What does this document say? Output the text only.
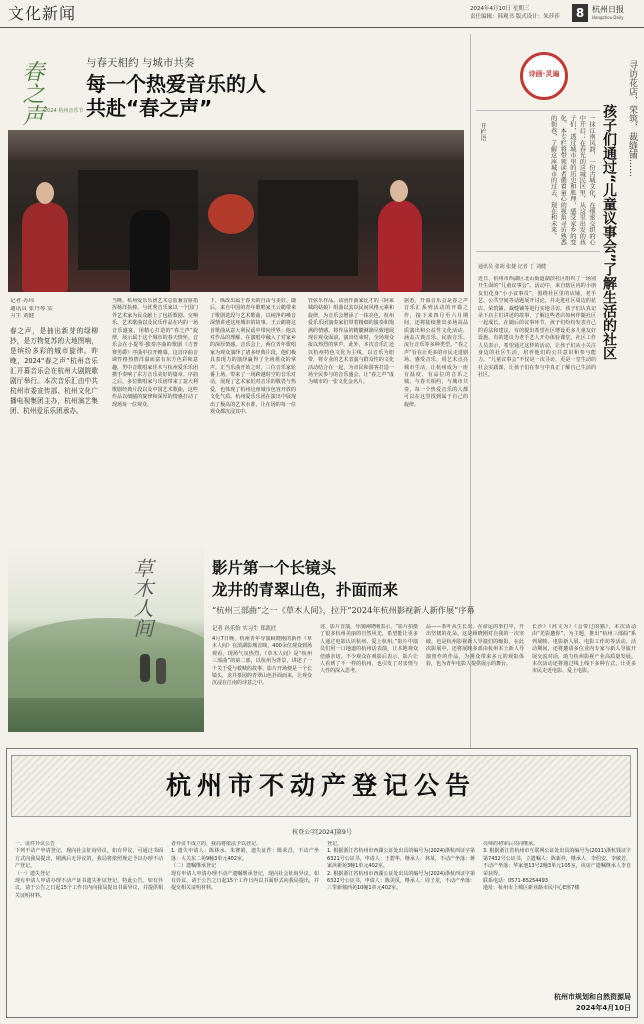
文化新闻	2024年4月10日 星期三
责任编辑：韩观书 版式设计：朱莎莎	8 杭州日报
Hangzhou Daily
春之声 2024 杭州音乐节
与春天相约 与城市共奏
每一个热爱音乐的人
共赴“春之声”
记者 苏玮
通讯员 张丹琴 实
习生 刘健
春之声，是抽出新芽的绿柳抄，是万物复苏的大地图响，是缤纷多彩的城市旋律。昨晚，2024“春之声”杭州音乐汇开幕音乐会在杭州大剧院歌剧厅举行。本次音乐汇由中共杭州市委宣传部、杭州文化广播电视集团主办，杭州演艺集团、杭州爱乐乐团承办。
当晚，杭州爱乐乐团艺术总监兼首席指挥杨洋执棒，与优秀音乐家以一个国门外艺术家为民众献上了包括歌剧、交响乐、艺术歌曲以及民乐作品在内的一场音乐盛宴，用精心打造的“春之声”旋律，展示属于这个城市的春天情怀。音乐会在小提琴·独奏序曲的歌剧《吉普赛男爵》序曲中拉开帷幕。这首序曲音调性格热情洋溢而富有东方色彩和意趣，男中音歌唱家佳木与杭州爱乐乐团携手奏响了东方音乐美好的篇章。序曲之后，多位歌唱家与乐团带来了意大利歌剧经典片段以及中国艺术歌曲，这些作品以细腻的旋律和深厚的情感打动了现场每一位观众。
下，纵改出属于春天的自由与美好。随后，来自中国的青年歌唱家王云鹤带来了歌剧选段与艺术歌曲，以纯净的嗓音深情讲述这座城市的故事。王云鹤将这首歌曲从意大利民谣中带向世界；他以对作品的理解，在演唱中融入了对家乡的深厚情感。音乐会上，两位青年歌唱家为观众演绎了诸多经典片段，他们极具表现力的演绎赢得了全场观众的掌声。正当乐曲开始之时，三位音乐家轮番上场，带来了一场跨越时空的音乐对话，展现了艺术家们对音乐的敬畏与热爱，也体现了杭州这座城市包容开放的文化气质。杭州爱乐乐团在演出中展现出了极高的艺术水准，让在场的每一位观众都沉浸其中。
管弦乐作品。该团作曲家比才的《阿莱城的姑娘》组曲以其以民间风格元素和旋律，为音乐会增添了一抹亮色，杭州爱乐乐团演奏家们带着精细的演奏和饱满的情感，将作品的精髓淋漓尽致地展现在观众面前。演出结束时，全场观众报以热烈的掌声。此外，本次音乐汇还以杭州特色文化为主线，以音乐为纽带，将专业的艺术表演与群众性的文化活动结合在一起，为市民和游客打造一场全民参与的音乐盛会，让“春之声”成为城市的一张文化金名片。
据悉，开幕音乐会是春之声音乐汇系列活动的开篇之作，接下来四月至六月期间，还将陆续推出多场高品质演出和公益性文化活动，涵盖古典音乐、民族音乐、流行音乐等多种类型。“春之声”旨在让更多的市民走进剧场、感受音乐，用艺术点亮城市生活，让杭州成为一座有温度、有品位的音乐之城。与春天相约，与城市共奏，每一个热爱音乐的人都可以在这里找到属于自己的旋律。
诗画·灵遍
开栏语	一抹江南风韵，一份古城文化，在细密交织的心中开启；在春光的这城民区里，从这里出发的孩子们，透过城市里的历史和肌理，感受家乡的变化。本专栏将带领读者循着童心的视角寻访熟悉的街巷，了解这座城市的过去、现在和未来。	寻访花店、荣筑、裁缝铺……
孩子们通过“儿童议事会”了解生活的社区
通讯员 张胡 张捷 记者 丁 刘健
近日，杭州市西湖区北山街道湖滨社区组织了一场别开生面的“儿童议事会”。活动中，来自辖区内的小朋友们化身“小小议事员”，围绕社区里的店铺、老手艺、公共空间等话题展开讨论，并走进社区周边的花店、荣筑铺、裁缝铺等进行实地寻访。孩子们认真记录下店主们讲述的故事，了解这些老店如何伴随社区一起成长。在随后的议事环节，孩子们纷纷发表自己的看法和建议，有的提出希望社区增设更多儿童友好设施，有的建议为老手艺人开办体验课堂。社区工作人员表示，希望通过这样的活动，让孩子们从小关注身边的社区生活，培养他们的公共意识和参与能力。“儿童议事会”不仅是一次寻访，更是一堂生动的社会实践课，让孩子们在参与中真正了解自己生活的社区。
草木人间	影片第一个长镜头
龙井的青翠山色，扑面而来
“杭州三部曲”之一《草木人间》，拉开“2024年杭州影视新人新作展”序幕
记者 孙乐怡 实习生 郑凯匠
4月7日晚，杭州青年导演顾晓刚的新作《草木人间》在滨湖影城首映，400余位观众到场观看，现场气氛热烈。《草木人间》是“杭州三部曲”的第二部，以杭州为背景，讲述了一个关于爱与救赎的故事。影片开场便是一个长镜头，龙井茶园的青翠山色扑面而来，让观众沉浸在江南的诗意之中。
述、影片首演，导演顾晓刚表示，“影片拍摄了很多杭州美丽的自然风光，希望能让更多人通过电影认识杭州、爱上杭州。”影片中演员们用一口地道的杭州话表演，让本地观众倍感亲切。不少观众在观影后表示，影片让人看到了不一样的杭州，也引发了对亲情与人性的深入思考。
品——茶叶从生长出，在命运的拳打中，开出坚韧的花朵。这是顾晓刚对自我的一次突破，也是杭州影视新人导演们的缩影。在此次影展中，还将展映多部由杭州本土新人导演创作的作品，为观众带来多元的观影体验，也为青年电影人提供展示的舞台。
长沙》《河文为》《会带过的猫》，本次活动由“光影邀你”，为主题，推出“杭州三部曲”系列展映、电影新人展、电影工作坊等活动。活动期间，还将邀请多位业内专家与新人导演开展交流对话，助力杭州影视产业高质量发展。本次活动还将通过线上线下多种方式，让更多市民走近电影、爱上电影。
杭州市不动产登记公告
杭登公字[2024]第9号
一、证件异议公告
下列不动产申请登记，现向社会征询异议。如有异议，可通过书面方式向我局提出，期满后无异议的，我局将依照规定予以办理不动产登记。
（一）遗失登记
现有申请人申请办理不动产证书遗失补证登记，特此公告。如有异议，请于公告之日起15个工作日内向我局提出书面异议，并提供相关证明材料。
者异议不成立的，我局将依法予以登记。
1. 遗失申请人：陈林水、朱赛娟，遗失证件：陈荣昌，不动产坐落：大关东二苑9幢3单元402室。
（二）遗嘱继承登记
现有申请人申请办理不动产遗嘱继承登记，现向社会征询异议。如有异议，请于公告之日起15个工作日内以书面形式向我局提出，并提交相关证明材料。
登记。
1. 根据浙江省杭州市西湖公证处出具的编号为(2024)浙杭西证字第6321号公证书，申请人：王碧华，继承人：林某，不动产坐落：蒋家浜新苑3幢1单元402室。
2. 根据浙江省杭州市西湖公证处出具的编号为(2024)浙杭西证字第6322号公证书，申请人：陈美凤，继承人：周子龙，不动产坐落：三里新城西苑10幢1单元402室。
亮师的初审后共同继承。
3. 根据浙江省杭州市互联网公证处出具的编号为(2011)浙杭钱证字第7432号公证书，立遗嘱人：陈新祥，继承人：李伯安、李敏芳，不动产坐落：华家池13号2幢3单元105室，该房产遗嘱继承人李自荣获得。
联系电话：0571-85254493
地址：杭州市上城区新业路市民中心E座7楼
杭州市规划和自然资源局
2024年4月10日
